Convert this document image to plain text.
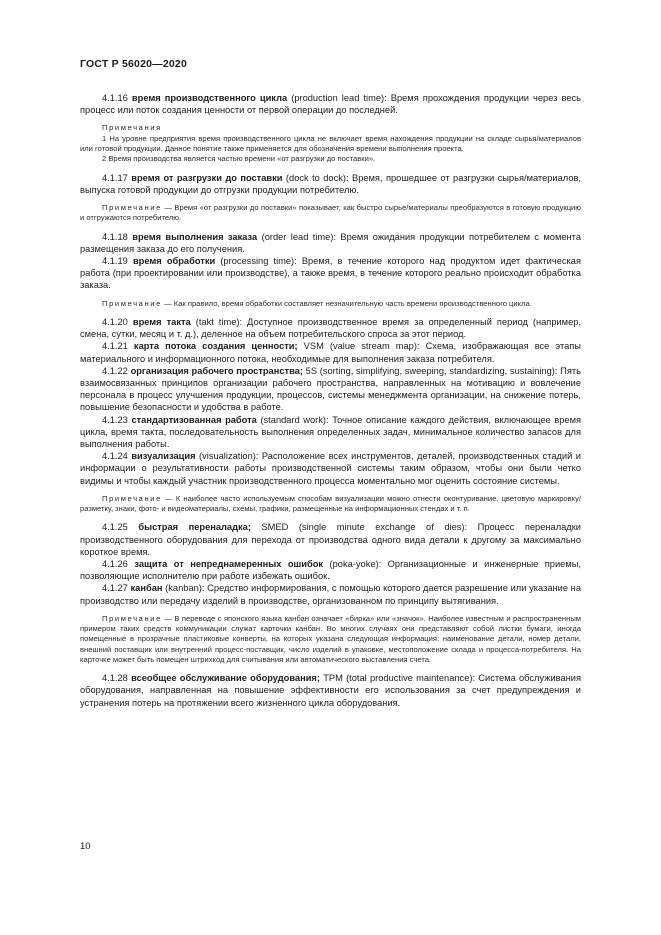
ГОСТ Р 56020—2020

4.1.16 время производственного цикла (production lead time): Время прохождения продукции через весь процесс или поток создания ценности от первой операции до последней.

Примечания

1 На уровне предприятия время производственного цикла не включает время нахождения продукции на складе сырья/материалов или готовой продукции. Данное понятие также применяется для обозначения времени выполнения проекта.

2 Время производства является частью времени «от разгрузки до поставки».

4.1.17 время от разгрузки до поставки (dock to dock): Время, прошедшее от разгрузки сырья/материалов, выпуска готовой продукции до отгрузки продукции потребителю.

Примечание — Время «от разгрузки до поставки» показывает, как быстро сырье/материалы преобразуются в готовую продукцию и отгружаются потребителю.

4.1.18 время выполнения заказа (order lead time): Время ожидания продукции потребителем с момента размещения заказа до его получения.

4.1.19 время обработки (processing time): Время, в течение которого над продуктом идет фактическая работа (при проектировании или производстве), а также время, в течение которого реально происходит обработка заказа.

Примечание — Как правило, время обработки составляет незначительную часть времени производственного цикла.

4.1.20 время такта (takt time): Доступное производственное время за определенный период (например, смена, сутки, месяц и т. д.), деленное на объем потребительского спроса за этот период.

4.1.21 карта потока создания ценности; VSM (value stream map): Схема, изображающая все этапы материального и информационного потока, необходимые для выполнения заказа потребителя.

4.1.22 организация рабочего пространства; 5S (sorting, simplifying, sweeping, standardizing, sustaining): Пять взаимосвязанных принципов организации рабочего пространства, направленных на мотивацию и вовлечение персонала в процесс улучшения продукции, процессов, системы менеджмента организации, на снижение потерь, повышение безопасности и удобства в работе.

4.1.23 стандартизованная работа (standard work): Точное описание каждого действия, включающее время цикла, время такта, последовательность выполнения определенных задач, минимальное количество запасов для выполнения работы.

4.1.24 визуализация (visualization): Расположение всех инструментов, деталей, производственных стадий и информации о результативности работы производственной системы таким образом, чтобы они были четко видимы и чтобы каждый участник производственного процесса моментально мог оценить состояние системы.

Примечание — К наиболее часто используемым способам визуализации можно отнести оконтуривание, цветовую маркировку/разметку, знаки, фото- и видеоматериалы, схемы, графики, размещенные на информационных стендах и т. п.

4.1.25 быстрая переналадка; SMED (single minute exchange of dies): Процесс переналадки производственного оборудования для перехода от производства одного вида детали к другому за максимально короткое время.

4.1.26 защита от непреднамеренных ошибок (poka-yoke): Организационные и инженерные приемы, позволяющие исполнителю при работе избежать ошибок.

4.1.27 канбан (kanban): Средство информирования, с помощью которого дается разрешение или указание на производство или передачу изделий в производстве, организованном по принципу вытягивания.

Примечание — В переводе с японского языка канбан означает «бирка» или «значок». Наиболее известным и распространенным примером таких средств коммуникации служат карточки канбан. Во многих случаях они представляют собой листки бумаги, иногда помещенные в прозрачные пластиковые конверты, на которых указана следующая информация: наименование детали, номер детали, внешний поставщик или внутренний процесс-поставщик, число изделий в упаковке, местоположение склада и процесса-потребителя. На карточке может быть помещен штрихкод для считывания или автоматического выставления счета.

4.1.28 всеобщее обслуживание оборудования; TPM (total productive maintenance): Система обслуживания оборудования, направленная на повышение эффективности его использования за счет предупреждения и устранения потерь на протяжении всего жизненного цикла оборудования.

10
